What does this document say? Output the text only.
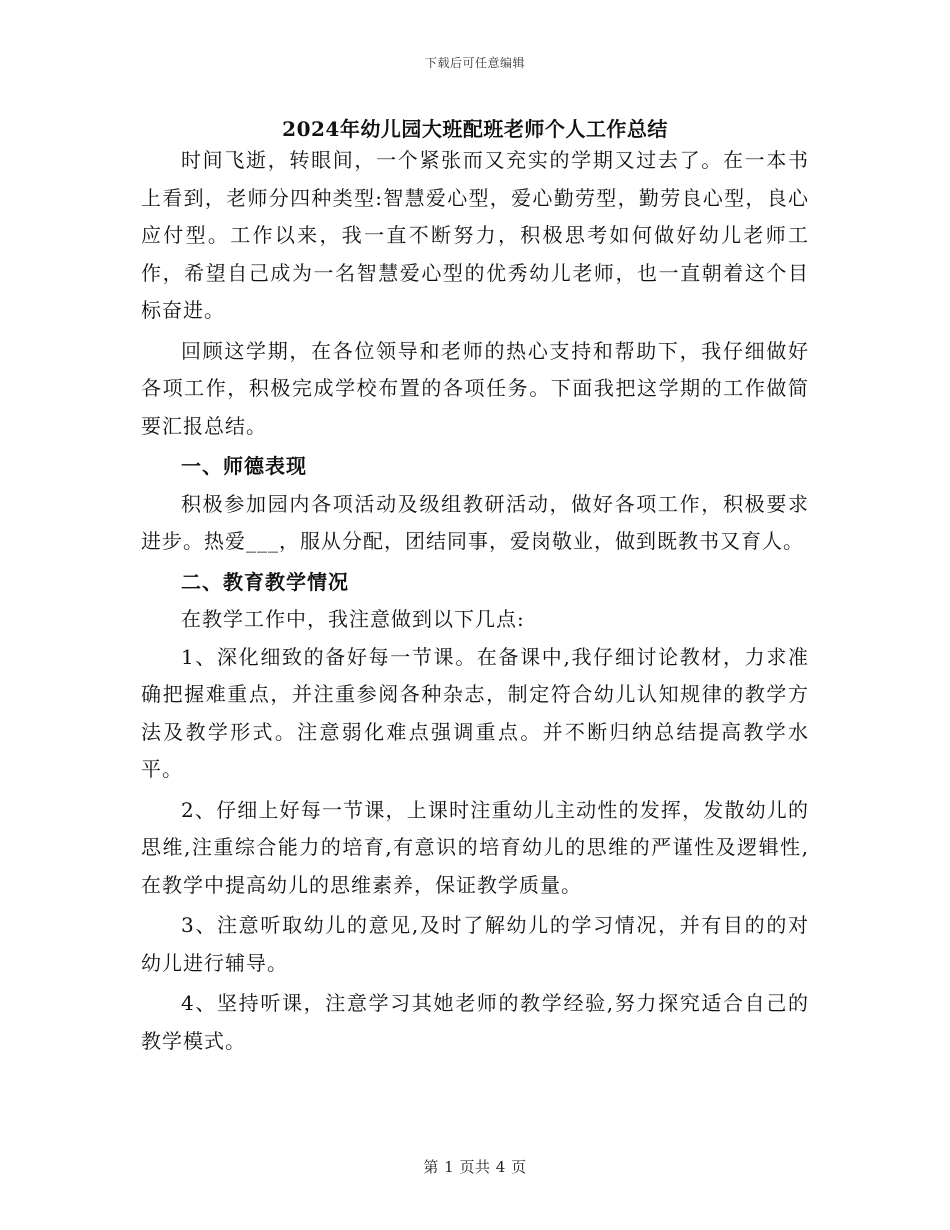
下载后可任意编辑
2024年幼儿园大班配班老师个人工作总结

时间飞逝，转眼间，一个紧张而又充实的学期又过去了。在一本书上看到，老师分四种类型:智慧爱心型，爱心勤劳型，勤劳良心型，良心应付型。工作以来，我一直不断努力，积极思考如何做好幼儿老师工作，希望自己成为一名智慧爱心型的优秀幼儿老师，也一直朝着这个目标奋进。

回顾这学期，在各位领导和老师的热心支持和帮助下，我仔细做好各项工作，积极完成学校布置的各项任务。下面我把这学期的工作做简要汇报总结。

一、师德表现

积极参加园内各项活动及级组教研活动，做好各项工作，积极要求进步。热爱___，服从分配，团结同事，爱岗敬业，做到既教书又育人。

二、教育教学情况

在教学工作中，我注意做到以下几点:

1、深化细致的备好每一节课。在备课中,我仔细讨论教材，力求准确把握难重点，并注重参阅各种杂志，制定符合幼儿认知规律的教学方法及教学形式。注意弱化难点强调重点。并不断归纳总结提高教学水平。

2、仔细上好每一节课，上课时注重幼儿主动性的发挥，发散幼儿的思维,注重综合能力的培育,有意识的培育幼儿的思维的严谨性及逻辑性,在教学中提高幼儿的思维素养，保证教学质量。

3、注意听取幼儿的意见,及时了解幼儿的学习情况，并有目的的对幼儿进行辅导。

4、坚持听课，注意学习其她老师的教学经验,努力探究适合自己的教学模式。

第 1 页共 4 页
